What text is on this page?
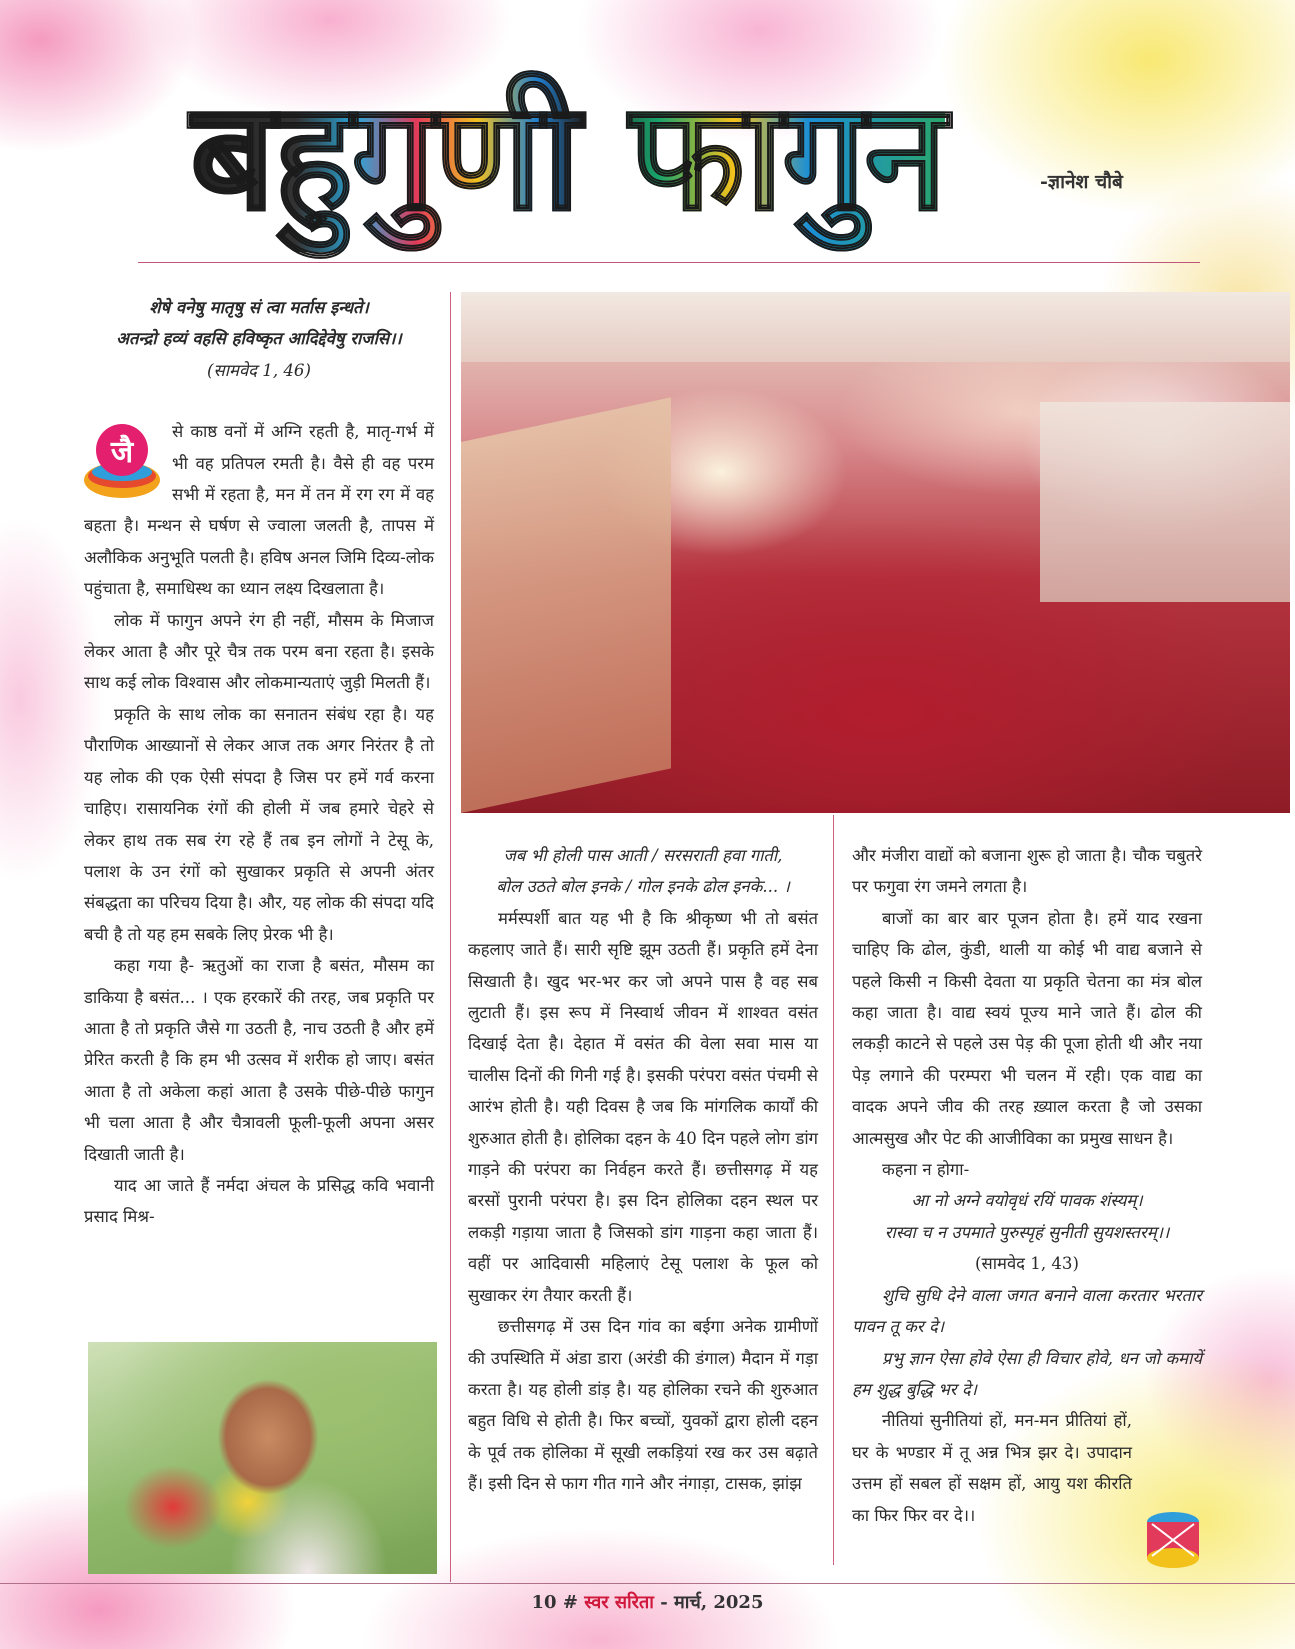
बहुगुणी फागुन	-ज्ञानेश चौबे
शेषे वनेषु मातृषु सं त्वा मर्तास इन्धते।
अतन्द्रो हव्यं वहसि हविष्कृत आदिद्देवेषु राजसि।।
(सामवेद 1, 46)
जै

से काष्ठ वनों में अग्नि रहती है, मातृ-गर्भ में भी वह प्रतिपल रमती है। वैसे ही वह परम सभी में रहता है, मन में तन में रग रग में वह बहता है। मन्थन से घर्षण से ज्वाला जलती है, तापस में अलौकिक अनुभूति पलती है। हविष अनल जिमि दिव्य-लोक पहुंचाता है, समाधिस्थ का ध्यान लक्ष्य दिखलाता है।

लोक में फागुन अपने रंग ही नहीं, मौसम के मिजाज लेकर आता है और पूरे चैत्र तक परम बना रहता है। इसके साथ कई लोक विश्वास और लोकमान्यताएं जुड़ी मिलती हैं।

प्रकृति के साथ लोक का सनातन संबंध रहा है। यह पौराणिक आख्यानों से लेकर आज तक अगर निरंतर है तो यह लोक की एक ऐसी संपदा है जिस पर हमें गर्व करना चाहिए। रासायनिक रंगों की होली में जब हमारे चेहरे से लेकर हाथ तक सब रंग रहे हैं तब इन लोगों ने टेसू के, पलाश के उन रंगों को सुखाकर प्रकृति से अपनी अंतर संबद्धता का परिचय दिया है। और, यह लोक की संपदा यदि बची है तो यह हम सबके लिए प्रेरक भी है।

कहा गया है- ऋतुओं का राजा है बसंत, मौसम का डाकिया है बसंत... । एक हरकारें की तरह, जब प्रकृति पर आता है तो प्रकृति जैसे गा उठती है, नाच उठती है और हमें प्रेरित करती है कि हम भी उत्सव में शरीक हो जाए। बसंत आता है तो अकेला कहां आता है उसके पीछे-पीछे फागुन भी चला आता है और चैत्रावली फूली-फूली अपना असर दिखाती जाती है।

याद आ जाते हैं नर्मदा अंचल के प्रसिद्ध कवि भवानी प्रसाद मिश्र-

जब भी होली पास आती / सरसराती हवा गाती,
बोल उठते बोल इनके / गोल इनके ढोल इनके... ।

मर्मस्पर्शी बात यह भी है कि श्रीकृष्ण भी तो बसंत कहलाए जाते हैं। सारी सृष्टि झूम उठती हैं। प्रकृति हमें देना सिखाती है। खुद भर-भर कर जो अपने पास है वह सब लुटाती हैं। इस रूप में निस्वार्थ जीवन में शाश्वत वसंत दिखाई देता है। देहात में वसंत की वेला सवा मास या चालीस दिनों की गिनी गई है। इसकी परंपरा वसंत पंचमी से आरंभ होती है। यही दिवस है जब कि मांगलिक कार्यों की शुरुआत होती है। होलिका दहन के 40 दिन पहले लोग डांग गाड़ने की परंपरा का निर्वहन करते हैं। छत्तीसगढ़ में यह बरसों पुरानी परंपरा है। इस दिन होलिका दहन स्थल पर लकड़ी गड़ाया जाता है जिसको डांग गाड़ना कहा जाता हैं। वहीं पर आदिवासी महिलाएं टेसू पलाश के फूल को सुखाकर रंग तैयार करती हैं।

छत्तीसगढ़ में उस दिन गांव का बईगा अनेक ग्रामीणों की उपस्थिति में अंडा डारा (अरंडी की डंगाल) मैदान में गड़ा करता है। यह होली डांड़ है। यह होलिका रचने की शुरुआत बहुत विधि से होती है। फिर बच्चों, युवकों द्वारा होली दहन के पूर्व तक होलिका में सूखी लकड़ियां रख कर उस बढ़ाते हैं। इसी दिन से फाग गीत गाने और नंगाड़ा, टासक, झांझ

और मंजीरा वाद्यों को बजाना शुरू हो जाता है। चौक चबुतरे पर फगुवा रंग जमने लगता है।

बाजों का बार बार पूजन होता है। हमें याद रखना चाहिए कि ढोल, कुंडी, थाली या कोई भी वाद्य बजाने से पहले किसी न किसी देवता या प्रकृति चेतना का मंत्र बोल कहा जाता है। वाद्य स्वयं पूज्य माने जाते हैं। ढोल की लकड़ी काटने से पहले उस पेड़ की पूजा होती थी और नया पेड़ लगाने की परम्परा भी चलन में रही। एक वाद्य का वादक अपने जीव की तरह ख़्याल करता है जो उसका आत्मसुख और पेट की आजीविका का प्रमुख साधन है।

कहना न होगा-

आ नो अग्ने वयोवृधं रयिं पावक शंस्यम्।
रास्वा च न उपमाते पुरुस्पृहं सुनीती सुयशस्तरम्।।
(सामवेद 1, 43)

शुचि सुधि देने वाला जगत बनाने वाला करतार भरतार पावन तू कर दे।

प्रभु ज्ञान ऐसा होवे ऐसा ही विचार होवे, धन जो कमायें हम शुद्ध बुद्धि भर दे।

नीतियां सुनीतियां हों, मन-मन प्रीतियां हों, घर के भण्डार में तू अन्न भित्र झर दे। उपादान उत्तम हों सबल हों सक्षम हों, आयु यश कीरति का फिर फिर वर दे।।

10 # स्वर सरिता - मार्च, 2025
